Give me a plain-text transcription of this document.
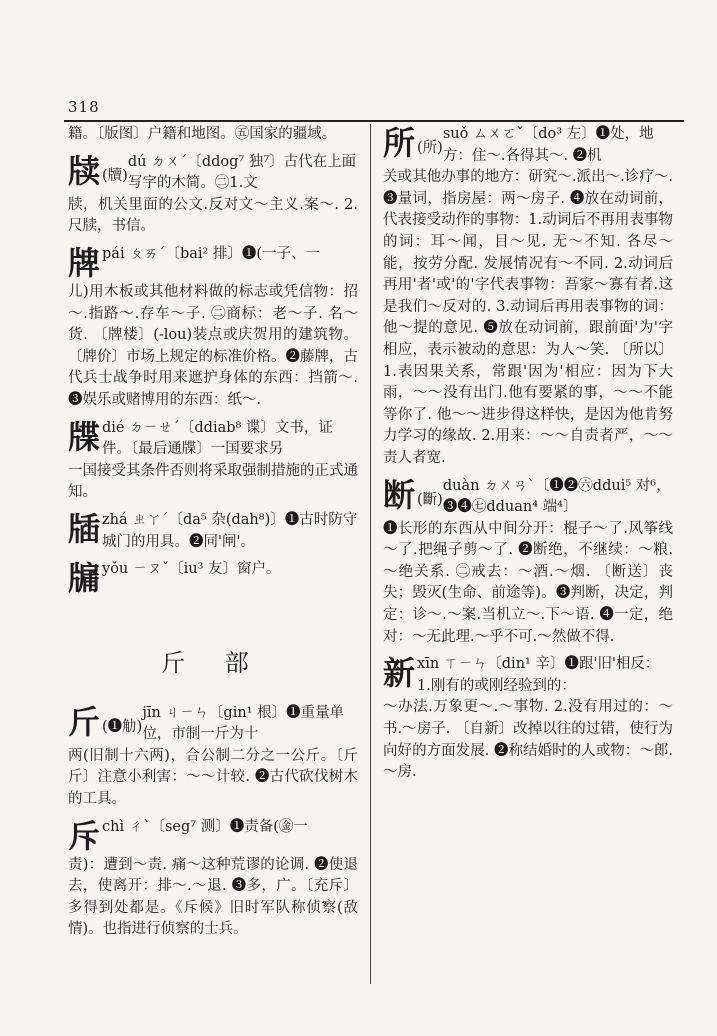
318

籍。〔版图〕户籍和地图。㊄国家的疆域。

牍 (牘)
dú ㄉㄨˊ〔ddog⁷ 独⁷〕古代在上面写字的木简。㊁1.文

牍，机关里面的公文.反对文～主义.案～. 2.尺牍，书信。

牌 pái ㄆㄞˊ〔bai² 排〕❶(一子、一

儿)用木板或其他材料做的标志或凭信物：招～.指路～.存车～子. ㊁商标：老～子. 名～货. 〔牌楼〕(-lou)装点或庆贺用的建筑物。〔牌价〕市场上规定的标准价格。❷藤牌，古代兵士战争时用来遮护身体的东西：挡箭～. ❸娱乐或赌博用的东西：纸～.

牒 dié ㄉㄧㄝˊ〔ddiab⁸ 谍〕文书，证件。〔最后通牒〕一国要求另

一国接受其条件否则将采取强制措施的正式通知。

牐 zhá ㄓㄚˊ〔da⁵ 杂(dah⁸)〕❶古时防守城门的用具。❷同'闸'。
牖 yǒu ㄧㄡˇ〔iu³ 友〕窗户。
斤 部
斤 (❶觔)
jīn ㄐㄧㄣ〔gin¹ 根〕❶重量单位，市制一斤为十

两(旧制十六两)，合公制二分之一公斤。〔斤斤〕注意小利害：～～计较. ❷古代砍伐树木的工具。

斥 chì ㄔˋ〔seg⁷ 测〕❶责备(㊎一

责)：遭到～责. 痛～这种荒谬的论调. ❷使退去，使离开：排～.～退. ❸多，广。〔充斥〕多得到处都是。《斥候》旧时军队称侦察(敌情)。也指进行侦察的士兵。

所 (所)
suǒ ㄙㄨㄛˇ〔do³ 左〕❶处，地方：住～.各得其～. ❷机

关或其他办事的地方：研究～.派出～.诊疗～. ❸量词，指房屋：两～房子. ❹放在动词前，代表接受动作的事物：1.动词后不再用表事物的词：耳～闻，目～见. 无～不知. 各尽～能，按劳分配. 发展情况有～不同. 2.动词后再用'者'或'的'字代表事物：吾家～寡有者.这是我们～反对的. 3.动词后再用表事物的词：他～提的意见. ❺放在动词前，跟前面'为'字相应，表示被动的意思：为人～笑. 〔所以〕1.表因果关系，常跟'因为'相应：因为下大雨，～～没有出门.他有要紧的事，～～不能等你了. 他～～进步得这样快，是因为他肯努力学习的缘故. 2.用来：～～自责者严，～～责人者宽.

断 (斷)
duàn ㄉㄨㄢˋ〔❶❷㊅ddui⁵ 对⁶，❸❹㊆dduan⁴ 端⁴〕

❶长形的东西从中间分开：棍子～了.风筝线～了.把绳子剪～了. ❷断绝，不继续：～粮.～绝关系. ㊁戒去：～酒.～烟. 〔断送〕丧失；毁灭(生命、前途等)。❸判断，决定，判定：诊～.～案.当机立～.下～语. ❹一定，绝对：～无此理.～乎不可.～然做不得.

新 xīn ㄒㄧㄣ〔din¹ 辛〕❶跟'旧'相反：1.刚有的或刚经验到的：

～办法.万象更～.～事物. 2.没有用过的：～书.～房子. 〔自新〕改掉以往的过错，使行为向好的方面发展. ❷称结婚时的人或物：～郎.～房.
